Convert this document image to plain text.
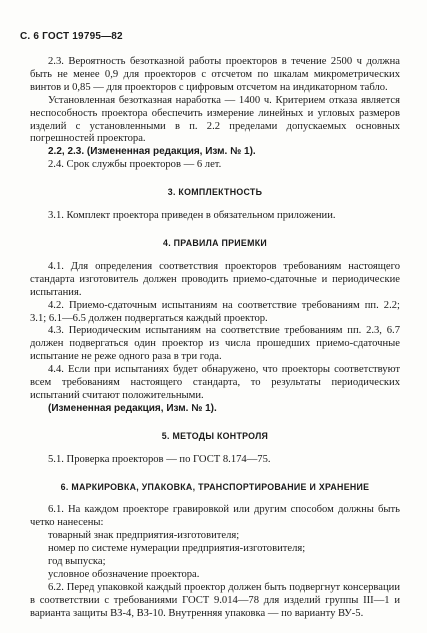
С. 6 ГОСТ 19795—82

2.3. Вероятность безотказной работы проекторов в течение 2500 ч должна быть не менее 0,9 для проекторов с отсчетом по шкалам микрометрических винтов и 0,85 — для проекторов с цифровым отсчетом на индикаторном табло.

Установленная безотказная наработка — 1400 ч. Критерием отказа является неспособность проектора обеспечить измерение линейных и угловых размеров изделий с установленными в п. 2.2 пределами допускаемых основных погрешностей проектора.

2.2, 2.3. (Измененная редакция, Изм. № 1).

2.4. Срок службы проекторов — 6 лет.

3. КОМПЛЕКТНОСТЬ

3.1. Комплект проектора приведен в обязательном приложении.

4. ПРАВИЛА ПРИЕМКИ

4.1. Для определения соответствия проекторов требованиям настоящего стандарта изготовитель должен проводить приемо-сдаточные и периодические испытания.

4.2. Приемо-сдаточным испытаниям на соответствие требованиям пп. 2.2; 3.1; 6.1—6.5 должен подвергаться каждый проектор.

4.3. Периодическим испытаниям на соответствие требованиям пп. 2.3, 6.7 должен подвергаться один проектор из числа прошедших приемо-сдаточные испытание не реже одного раза в три года.

4.4. Если при испытаниях будет обнаружено, что проекторы соответствуют всем требованиям настоящего стандарта, то результаты периодических испытаний считают положительными.

(Измененная редакция, Изм. № 1).

5. МЕТОДЫ КОНТРОЛЯ

5.1. Проверка проекторов — по ГОСТ 8.174—75.

6. МАРКИРОВКА, УПАКОВКА, ТРАНСПОРТИРОВАНИЕ И ХРАНЕНИЕ

6.1. На каждом проекторе гравировкой или другим способом должны быть четко нанесены:

товарный знак предприятия-изготовителя;

номер по системе нумерации предприятия-изготовителя;

год выпуска;

условное обозначение проектора.

6.2. Перед упаковкой каждый проектор должен быть подвергнут консервации в соответствии с требованиями ГОСТ 9.014—78 для изделий группы III—1 и варианта защиты ВЗ-4, ВЗ-10. Внутренняя упаковка — по варианту ВУ-5.
